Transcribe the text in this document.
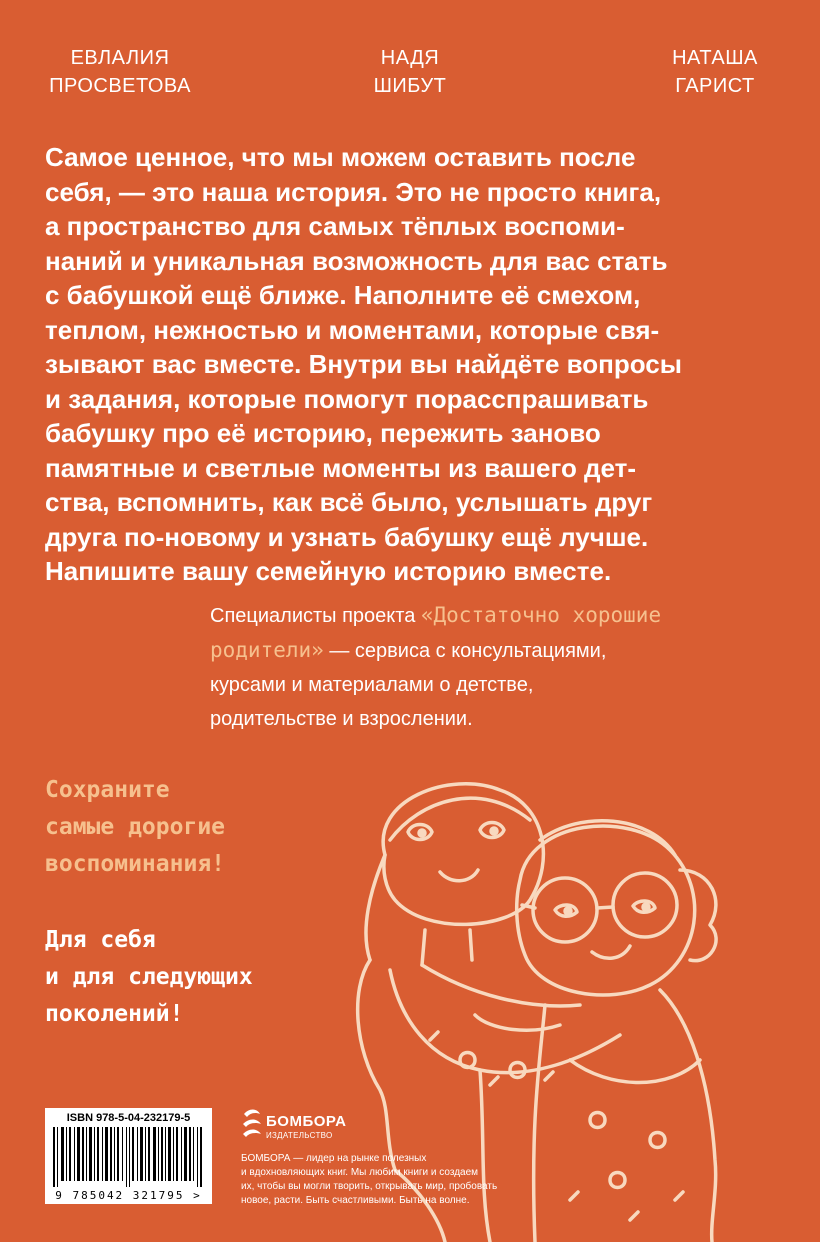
ЕВЛАЛИЯ
ПРОСВЕТОВА
НАДЯ
ШИБУТ
НАТАША
ГАРИСТ

Самое ценное, что мы можем оставить после

себя, — это наша история. Это не просто книга,

а пространство для самых тёплых воспоми-

наний и уникальная возможность для вас стать

с бабушкой ещё ближе. Наполните её смехом,

теплом, нежностью и моментами, которые свя-

зывают вас вместе. Внутри вы найдёте вопросы

и задания, которые помогут порасспрашивать

бабушку про её историю, пережить заново

памятные и светлые моменты из вашего дет-

ства, вспомнить, как всё было, услышать друг

друга по-новому и узнать бабушку ещё лучше.

Напишите вашу семейную историю вместе.

Специалисты проекта «Достаточно хорошие
родители» — сервиса с консультациями,
курсами и материалами о детстве,
родительстве и взрослении.
Сохраните
самые дорогие
воспоминания!
Для себя
и для следующих
поколений!
ISBN 978-5-04-232179-5
9 785042 321795 >
БОМБОРА
ИЗДАТЕЛЬСТВО
БОМБОРА — лидер на рынке полезных
и вдохновляющих книг. Мы любим книги и создаем
их, чтобы вы могли творить, открывать мир, пробовать
новое, расти. Быть счастливыми. Быть на волне.
